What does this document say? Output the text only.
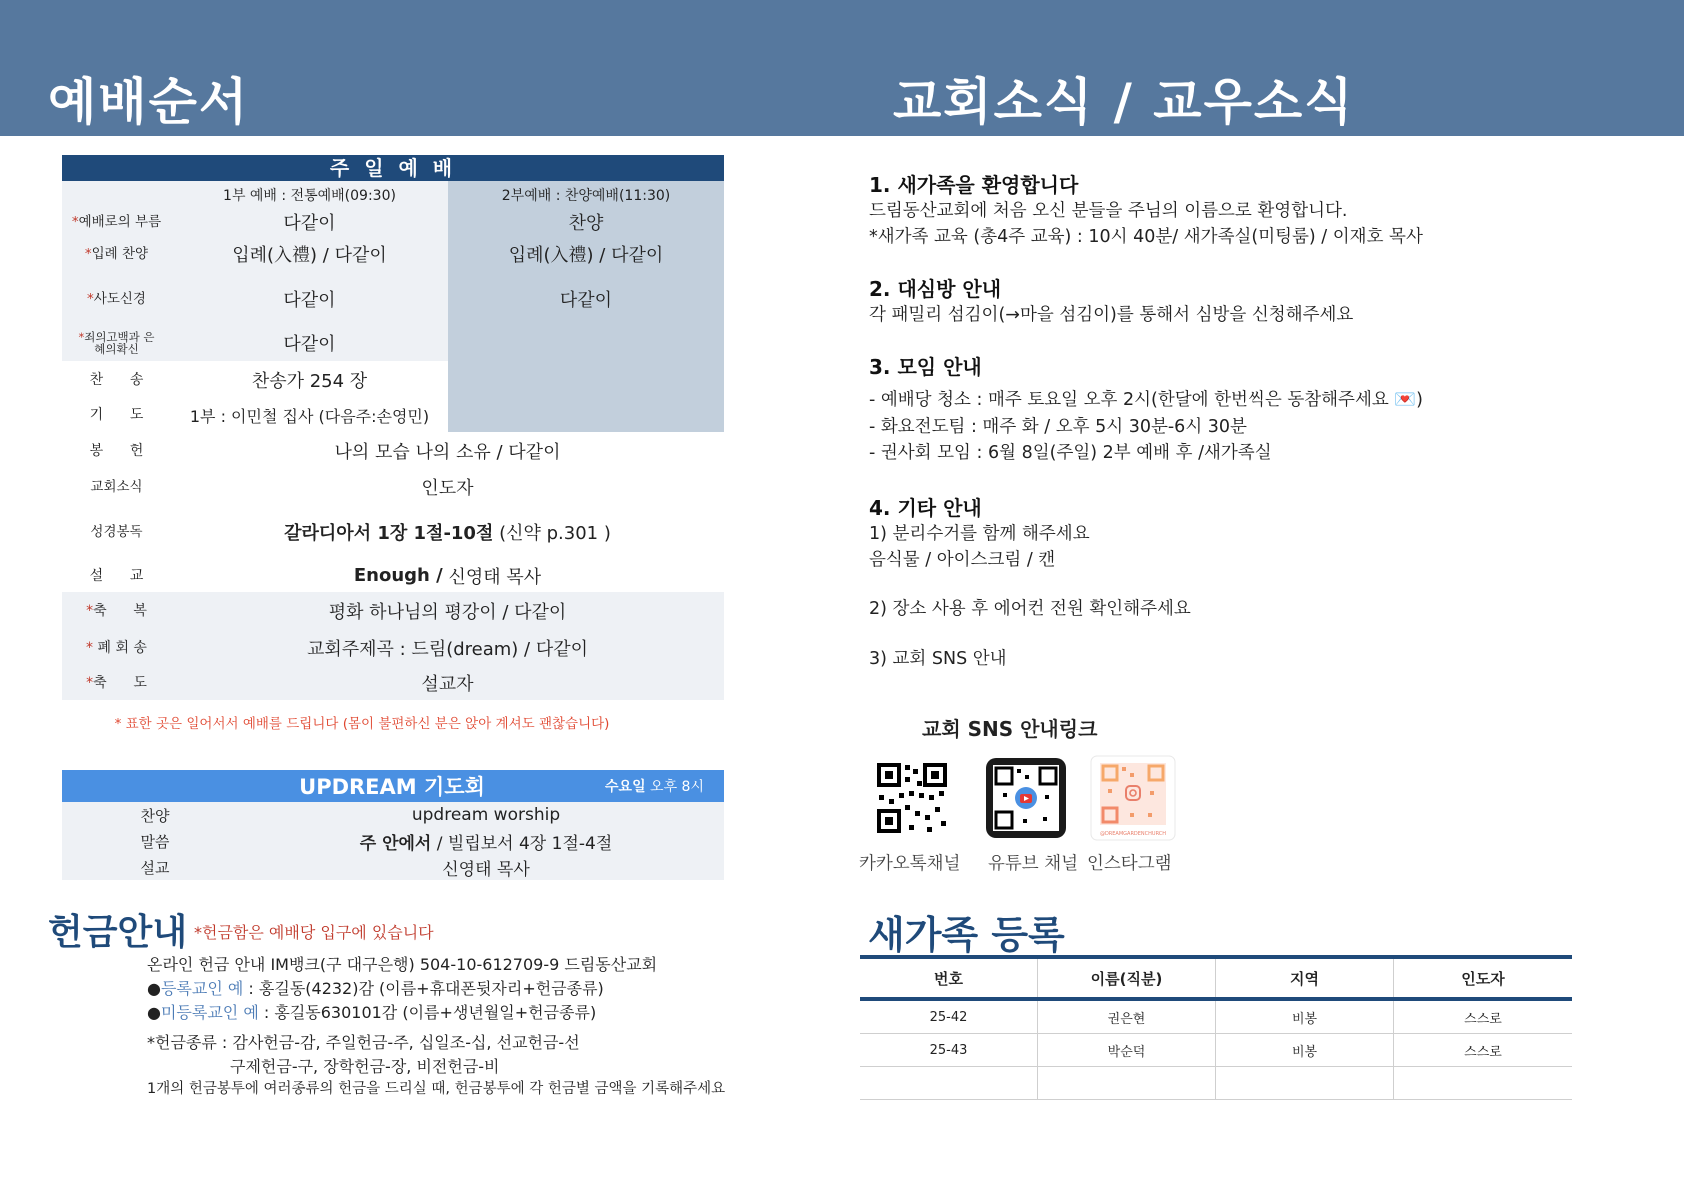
예배순서	교회소식 / 교우소식
주 일 예 배
1부 예배 : 전통예배(09:30)	2부예배 : 찬양예배(11:30)
* 예배로의 부름	다같이	찬양
* 입례 찬양	입례(入禮) / 다같이	입례(入禮) / 다같이
* 사도신경	다같이	다같이
*죄의고백과 은혜의확신	다같이
찬      송	찬송가 254 장
기      도	1부 : 이민철 집사 (다음주:손영민)
봉      헌	나의 모습 나의 소유 / 다같이
교회소식	인도자
성경봉독	갈라디아서 1장 1절-10절 (신약 p.301 )
설      교	Enough / 신영태 목사
* 축      복	평화 하나님의 평강이 / 다같이
* 폐 회 송	교회주제곡 : 드림(dream) / 다같이
* 축      도	설교자
* 표한 곳은 일어서서 예배를 드립니다 (몸이 불편하신 분은 앉아 계셔도 괜찮습니다)
UPDREAM 기도회	수요일 오후 8시
찬양	updream worship
말씀	주 안에서 / 빌립보서 4장 1절-4절
설교	신영태 목사
헌금안내 *헌금함은 예배당 입구에 있습니다
온라인 헌금 안내 IM뱅크(구 대구은행) 504-10-612709-9 드림동산교회
●등록교인 예 : 홍길동(4232)감 (이름+휴대폰뒷자리+헌금종류)
●미등록교인 예 : 홍길동630101감 (이름+생년월일+헌금종류)
*헌금종류 : 감사헌금-감, 주일헌금-주, 십일조-십, 선교헌금-선
구제헌금-구, 장학헌금-장, 비전헌금-비
1개의 헌금봉투에 여러종류의 헌금을 드리실 때, 헌금봉투에 각 헌금별 금액을 기록해주세요
1. 새가족을 환영합니다
드림동산교회에 처음 오신 분들을 주님의 이름으로 환영합니다.
*새가족 교육 (총4주 교육) : 10시 40분/ 새가족실(미팅룸) / 이재호 목사
2. 대심방 안내
각 패밀리 섬김이(→마을 섬김이)를 통해서 심방을 신청해주세요
3. 모임 안내
- 예배당 청소 : 매주 토요일 오후 2시(한달에 한번씩은 동참해주세요 💌)
- 화요전도팀 : 매주 화 / 오후 5시 30분-6시 30분
- 권사회 모임 : 6월 8일(주일) 2부 예배 후 /새가족실
4. 기타 안내
1) 분리수거를 함께 해주세요
음식물 / 아이스크림 / 캔
2) 장소 사용 후 에어컨 전원 확인해주세요
3) 교회 SNS 안내
교회 SNS 안내링크
@DREAMGARDENCHURCH
카카오톡채널 유튜브 채널 인스타그램
새가족 등록
번호	이름(직분)	지역	인도자
25-42	권은현	비봉	스스로
25-43	박순덕	비봉	스스로
